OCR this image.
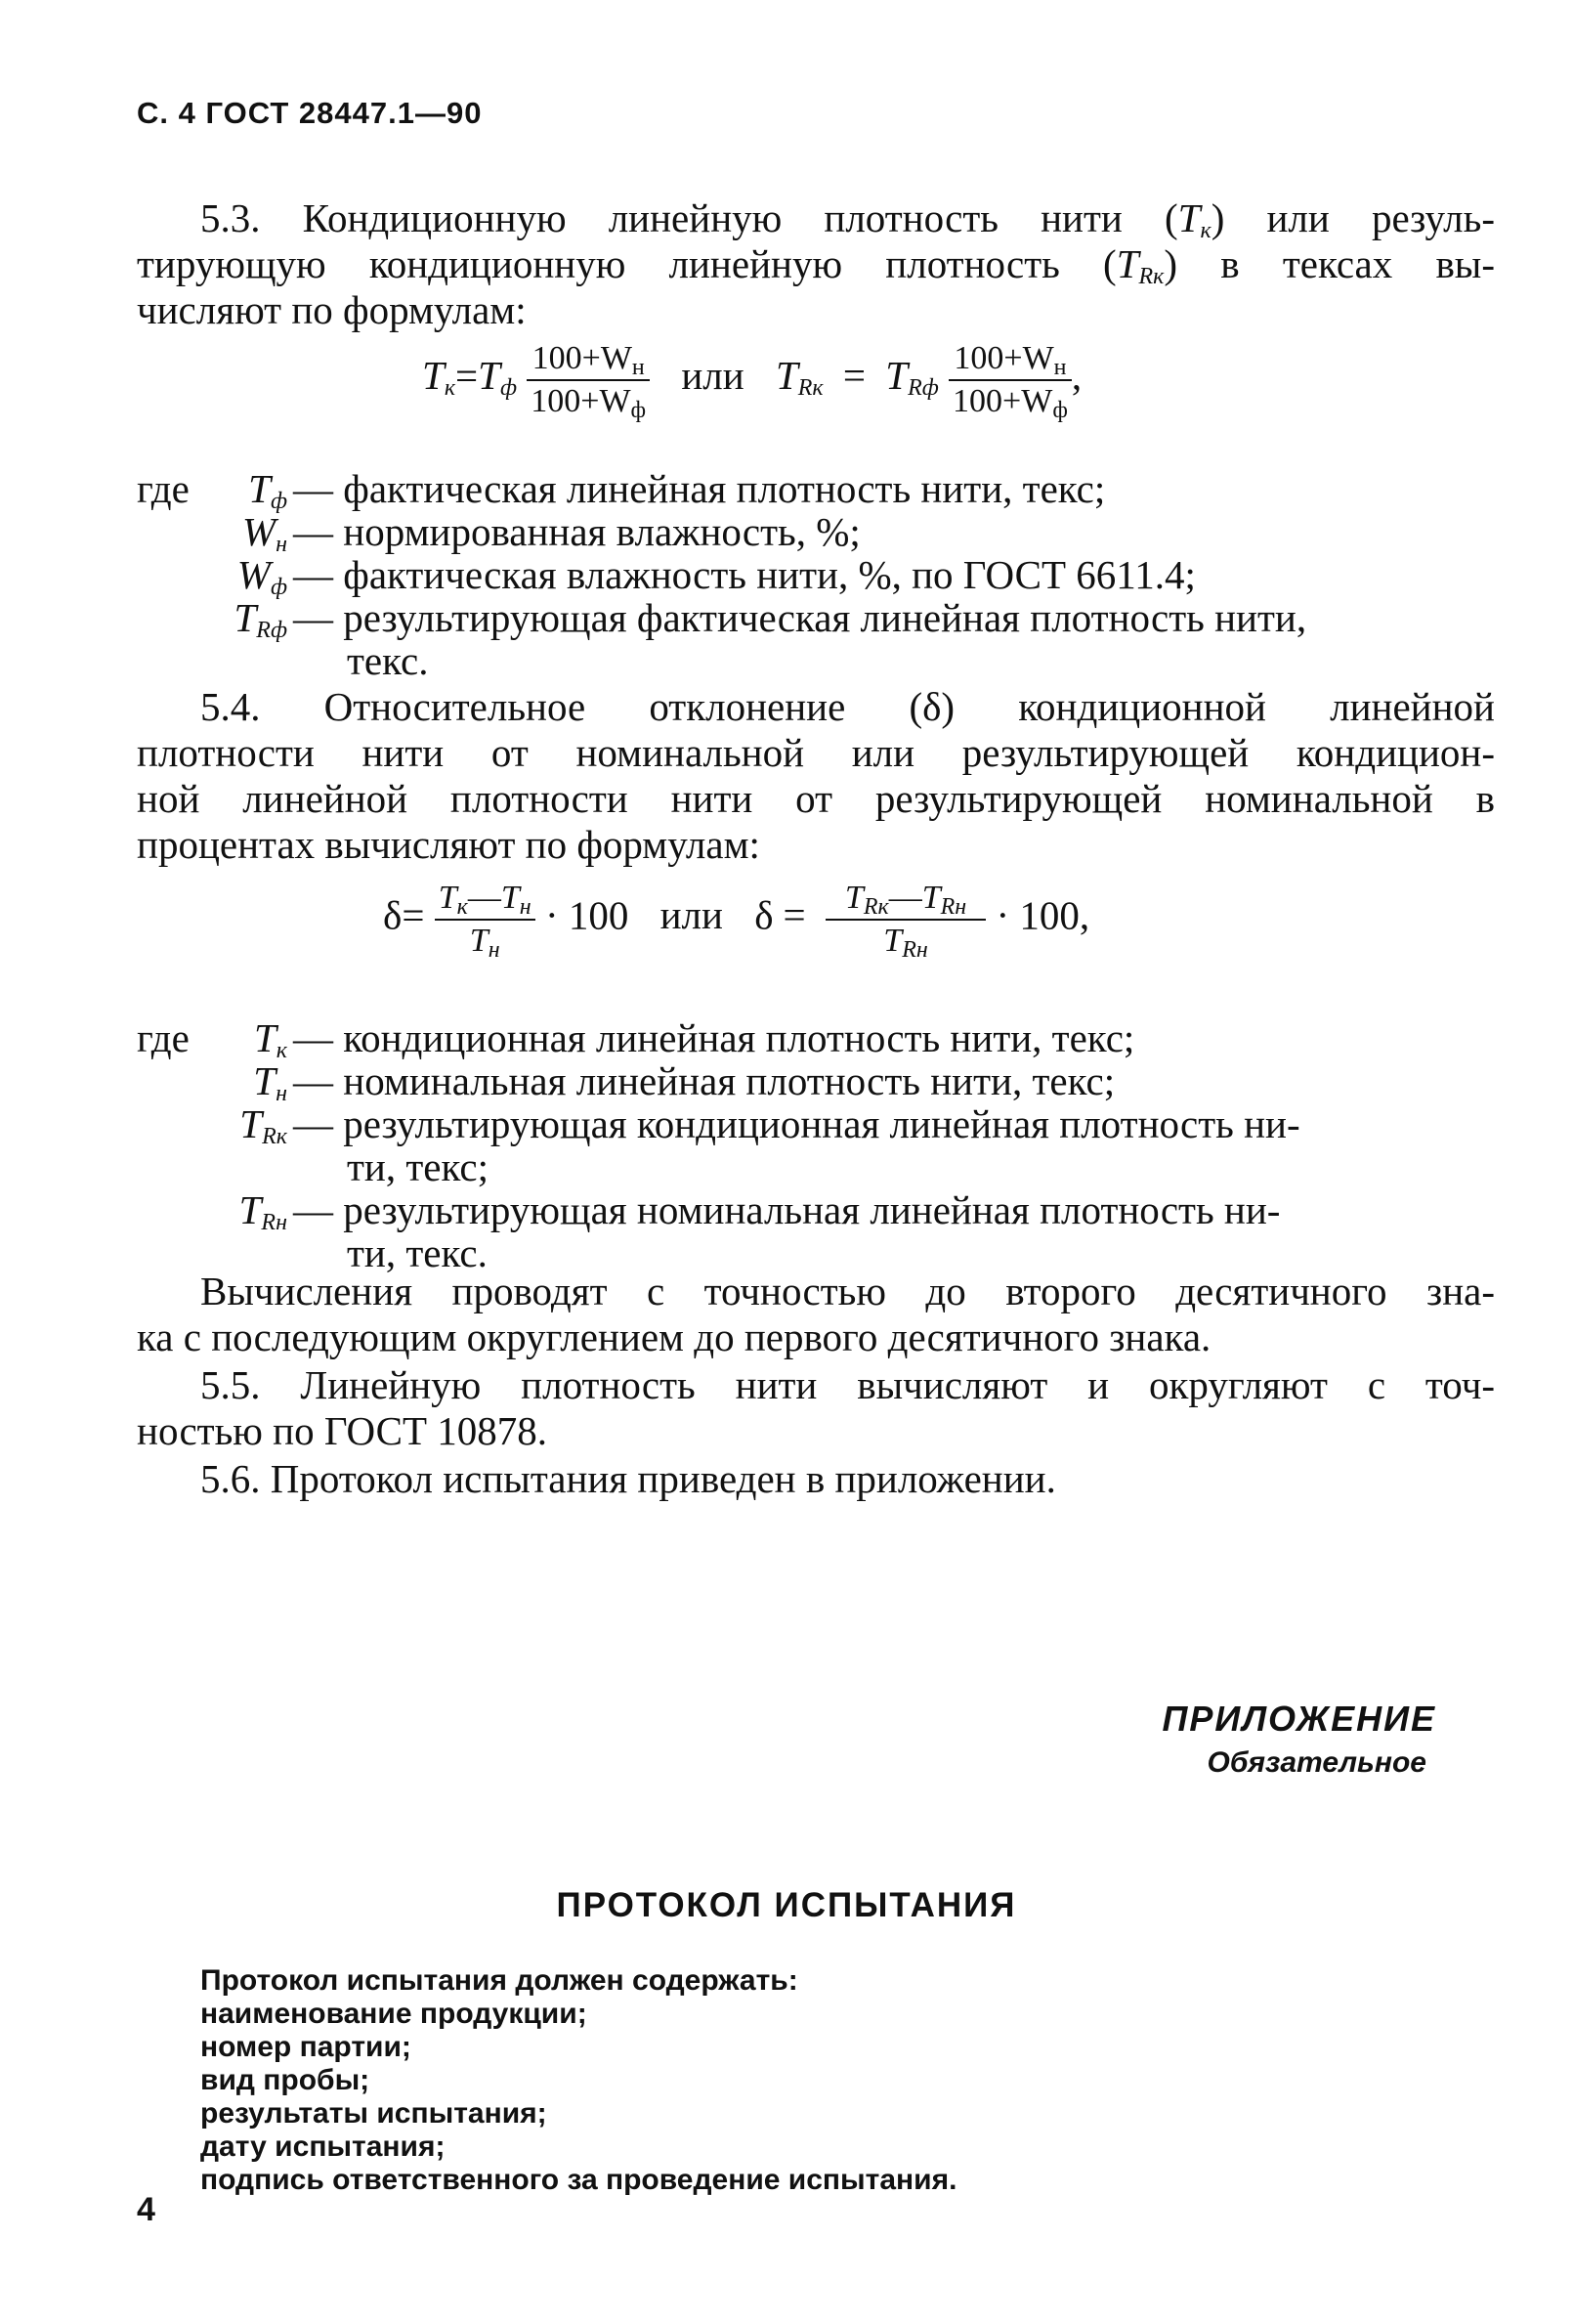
С. 4 ГОСТ 28447.1—90
5.3. Кондиционную линейную плотность нити $(T_к)$ или резуль-
тирующую кондиционную линейную плотность $(T_{Rк})$ в тексах вы-
числяют по формулам:
$T_к=T_ф \frac{100+W_н}{100+W_ф}$ или $T_{Rк} = T_{Rф} \frac{100+W_н}{100+W_ф}$ ,
где	$T_ф$ — фактическая линейная плотность нити, текс;
$W_н$ — нормированная влажность, %;
$W_ф$ — фактическая влажность нити, %, по ГОСТ 6611.4;
$T_{Rф}$ — результирующая фактическая линейная плотность нити,
текс.
5.4. Относительное отклонение (δ) кондиционной линейной
плотности нити от номинальной или результирующей кондицион-
ной линейной плотности нити от результирующей номинальной в
процентах вычисляют по формулам:
$\delta= \frac{T_к—T_н}{T_н} \cdot 100$ или $\delta = \frac{T_{Rк}—T_{Rн}}{T_{Rн}} \cdot 100$,
где	$T_к$ — кондиционная линейная плотность нити, текс;
$T_н$ — номинальная линейная плотность нити, текс;
$T_{Rк}$ — результирующая кондиционная линейная плотность ни-
ти, текс;
$T_{Rн}$ — результирующая номинальная линейная плотность ни-
ти, текс.
Вычисления проводят с точностью до второго десятичного зна-
ка с последующим округлением до первого десятичного знака.
5.5. Линейную плотность нити вычисляют и округляют с точ-
ностью по ГОСТ 10878.
5.6. Протокол испытания приведен в приложении.
ПРИЛОЖЕНИЕ
Обязательное
ПРОТОКОЛ ИСПЫТАНИЯ
Протокол испытания должен содержать:
наименование продукции;
номер партии;
вид пробы;
результаты испытания;
дату испытания;
подпись ответственного за проведение испытания.
4
